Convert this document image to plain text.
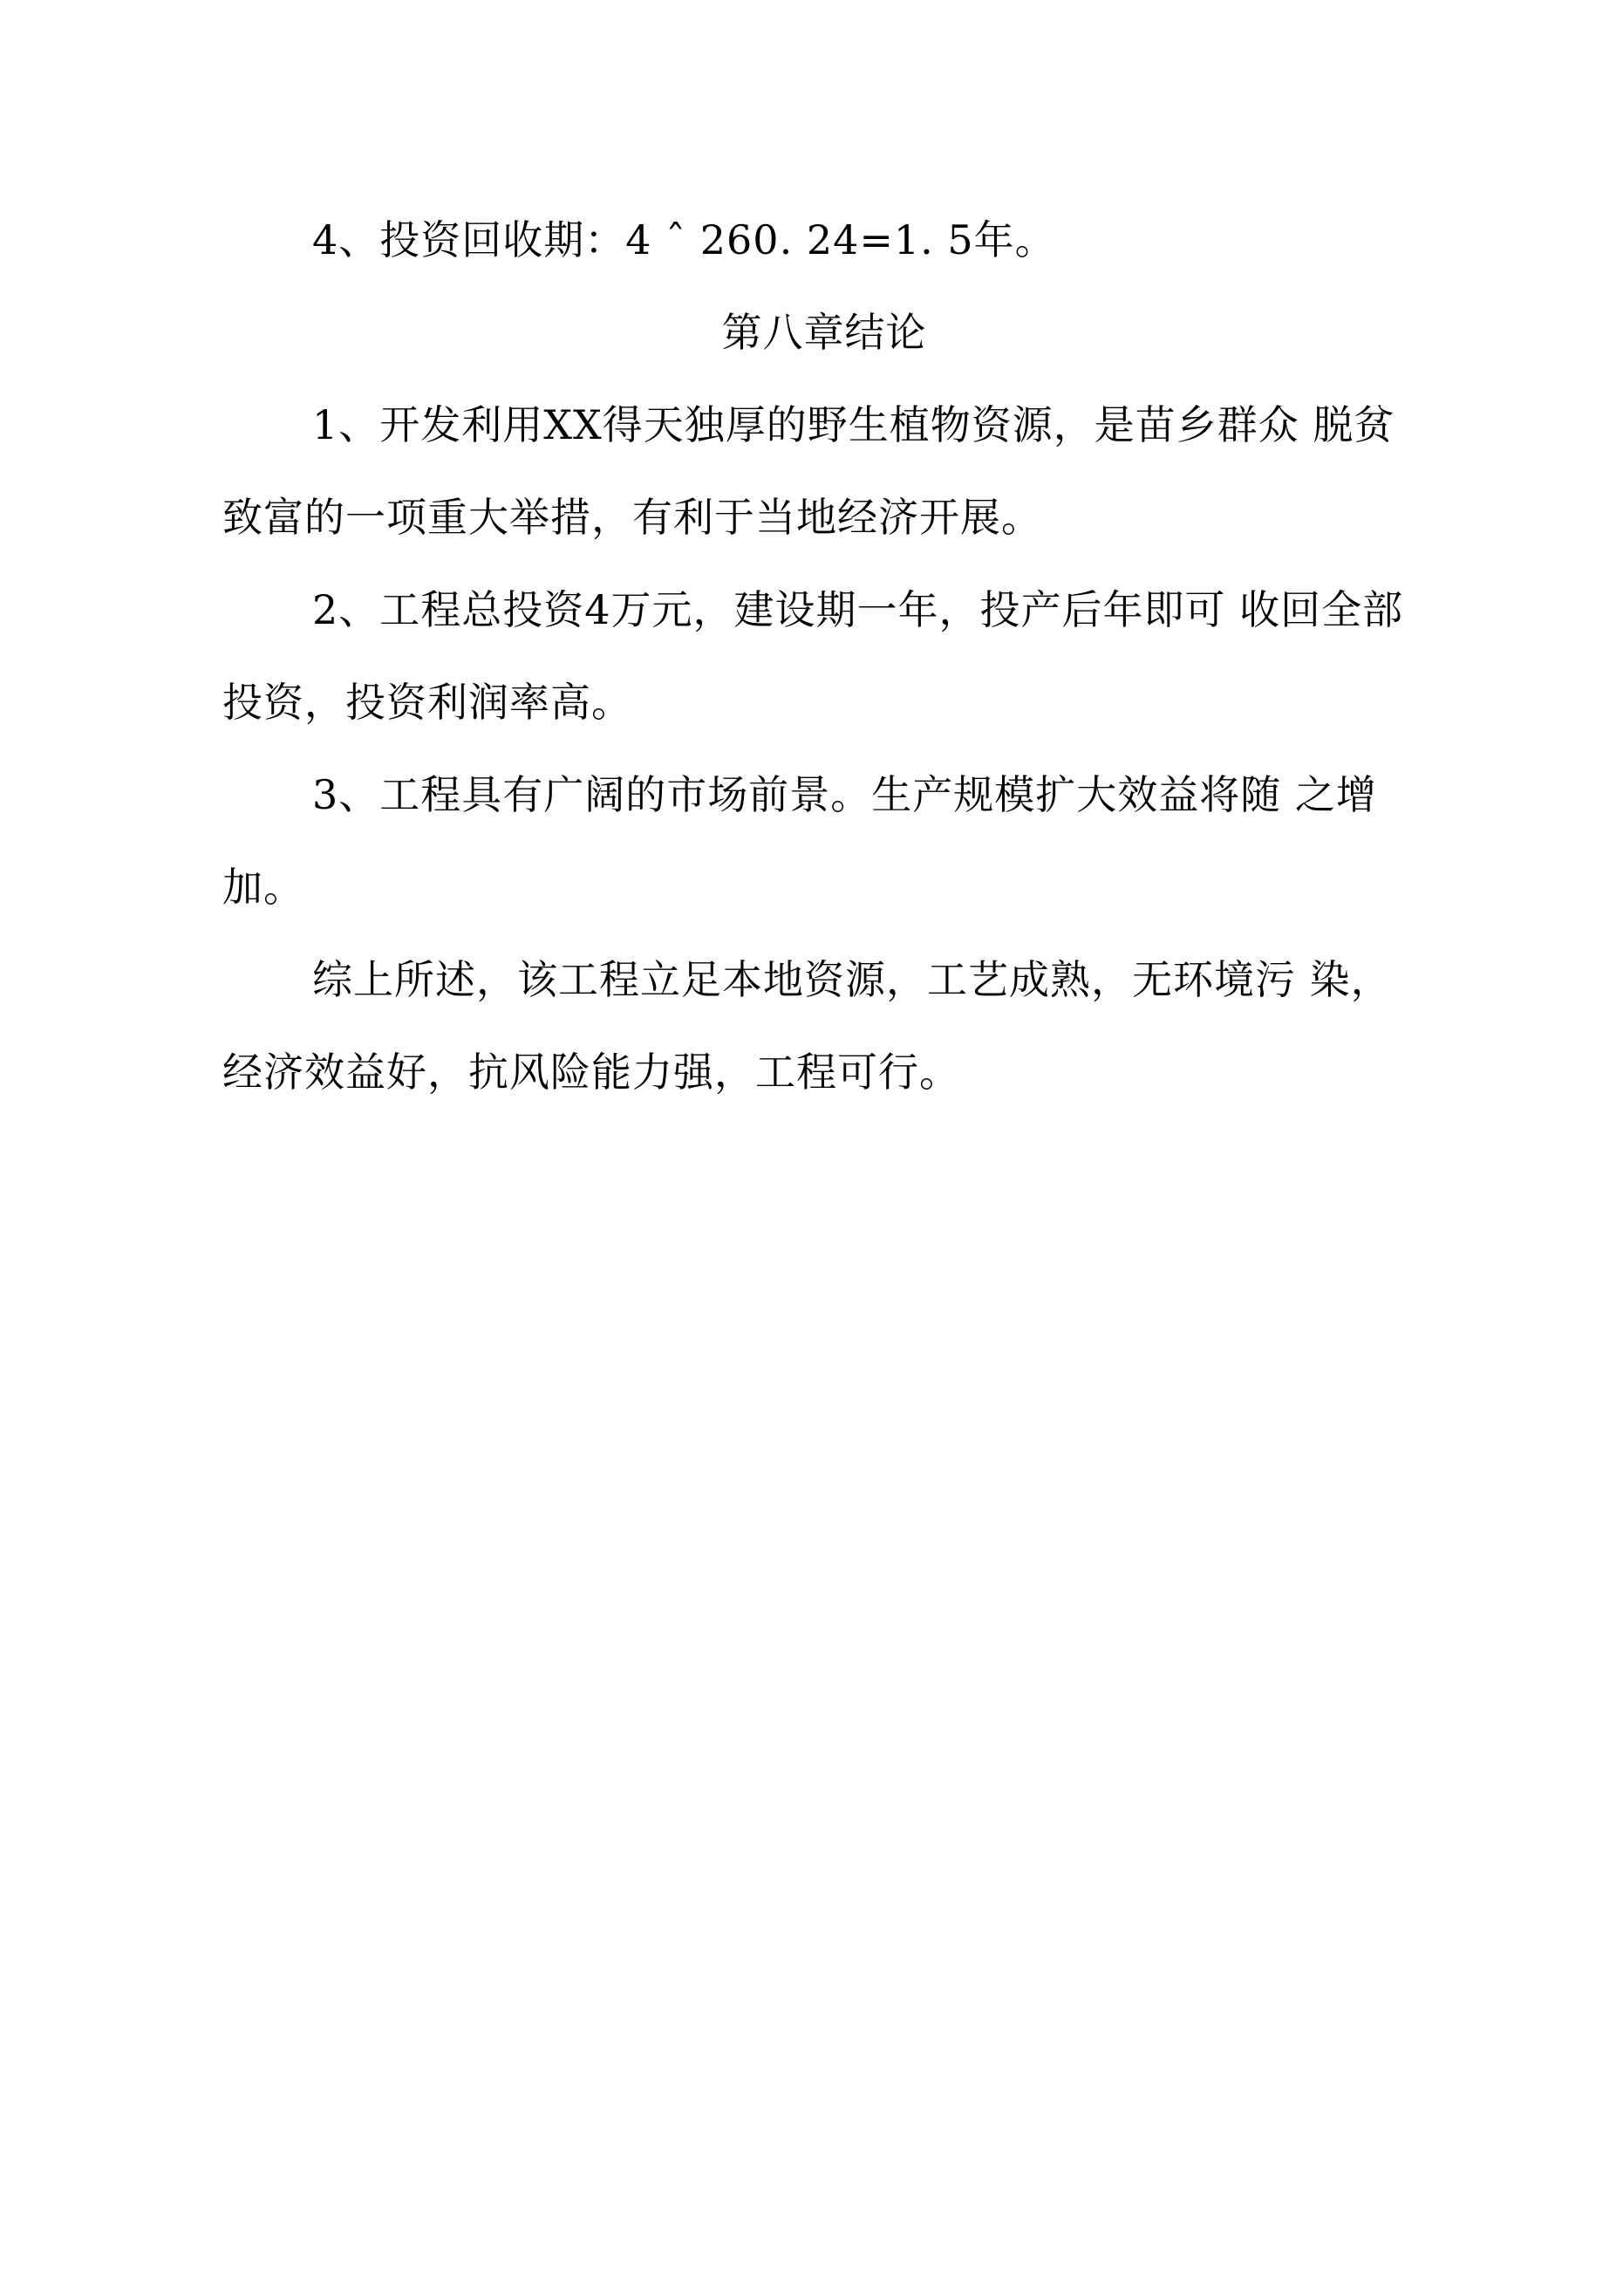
4、投资回收期：4 ˆ 260. 24=1. 5年。

第八章结论

1、开发利用XX得天独厚的野生植物资源，是苗乡群众 脱贫致富的一项重大举措，有利于当地经济开展。

2、工程总投资4万元，建设期一年，投产后年即可 收回全部投资，投资利润率高。

3、工程具有广阔的市场前景。生产规模扩大效益将随 之增加。

综上所述，该工程立足本地资源，工艺成熟，无环境污 染，经济效益好，抗风险能力强，工程可行。
